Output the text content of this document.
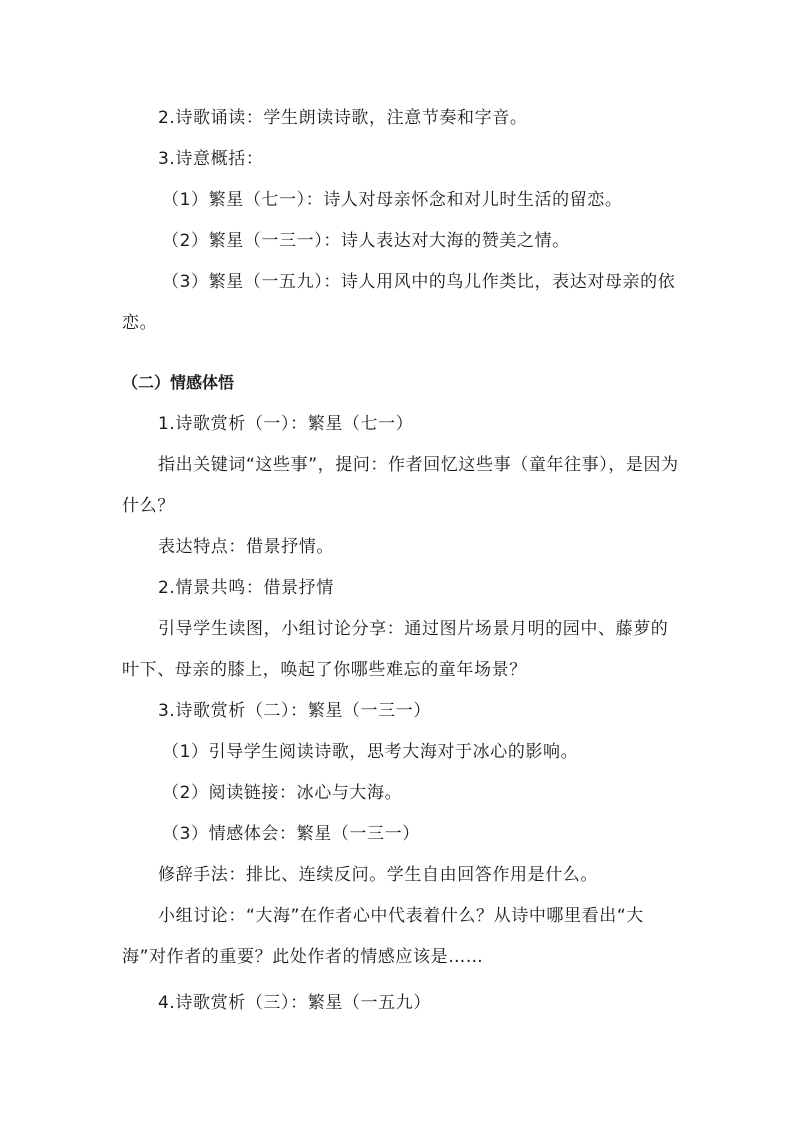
2.诗歌诵读：学生朗读诗歌，注意节奏和字音。

3.诗意概括：

（1）繁星（七一）：诗人对母亲怀念和对儿时生活的留恋。

（2）繁星（一三一）：诗人表达对大海的赞美之情。

（3）繁星（一五九）：诗人用风中的鸟儿作类比，表达对母亲的依恋。

（二）情感体悟

1.诗歌赏析（一）：繁星（七一）

指出关键词“这些事”，提问：作者回忆这些事（童年往事），是因为什么？

表达特点：借景抒情。

2.情景共鸣：借景抒情

引导学生读图，小组讨论分享：通过图片场景月明的园中、藤萝的叶下、母亲的膝上，唤起了你哪些难忘的童年场景？

3.诗歌赏析（二）：繁星（一三一）

（1）引导学生阅读诗歌，思考大海对于冰心的影响。

（2）阅读链接：冰心与大海。

（3）情感体会：繁星（一三一）

修辞手法：排比、连续反问。学生自由回答作用是什么。

小组讨论：“大海”在作者心中代表着什么？从诗中哪里看出“大海”对作者的重要？此处作者的情感应该是……

4.诗歌赏析（三）：繁星（一五九）
